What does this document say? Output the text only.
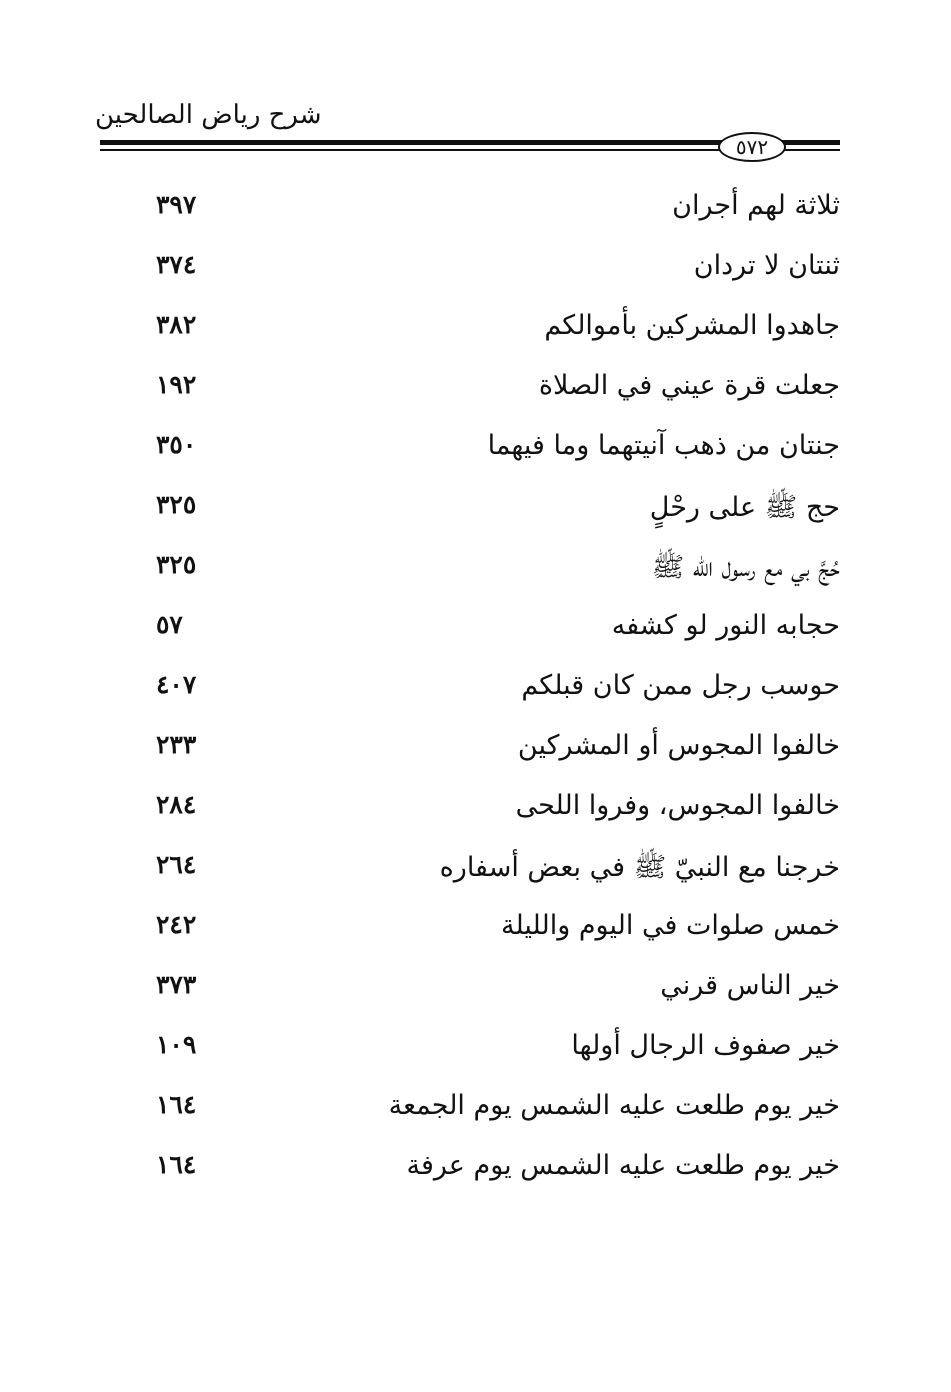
شرح رياض الصالحين
٥٧٢
ثلاثة لهم أجران
٣٩٧
ثنتان لا تردان
٣٧٤
جاهدوا المشركين بأموالكم
٣٨٢
جعلت قرة عيني في الصلاة
١٩٢
جنتان من ذهب آنيتهما وما فيهما
٣٥٠
حج ﷺ على رحْلٍ
٣٢٥
حُجَّ بي مع رسول الله ﷺ
٣٢٥
حجابه النور لو كشفه
٥٧
حوسب رجل ممن كان قبلكم
٤٠٧
خالفوا المجوس أو المشركين
٢٣٣
خالفوا المجوس، وفروا اللحى
٢٨٤
خرجنا مع النبيّ ﷺ في بعض أسفاره
٢٦٤
خمس صلوات في اليوم والليلة
٢٤٢
خير الناس قرني
٣٧٣
خير صفوف الرجال أولها
١٠٩
خير يوم طلعت عليه الشمس يوم الجمعة
١٦٤
خير يوم طلعت عليه الشمس يوم عرفة
١٦٤
